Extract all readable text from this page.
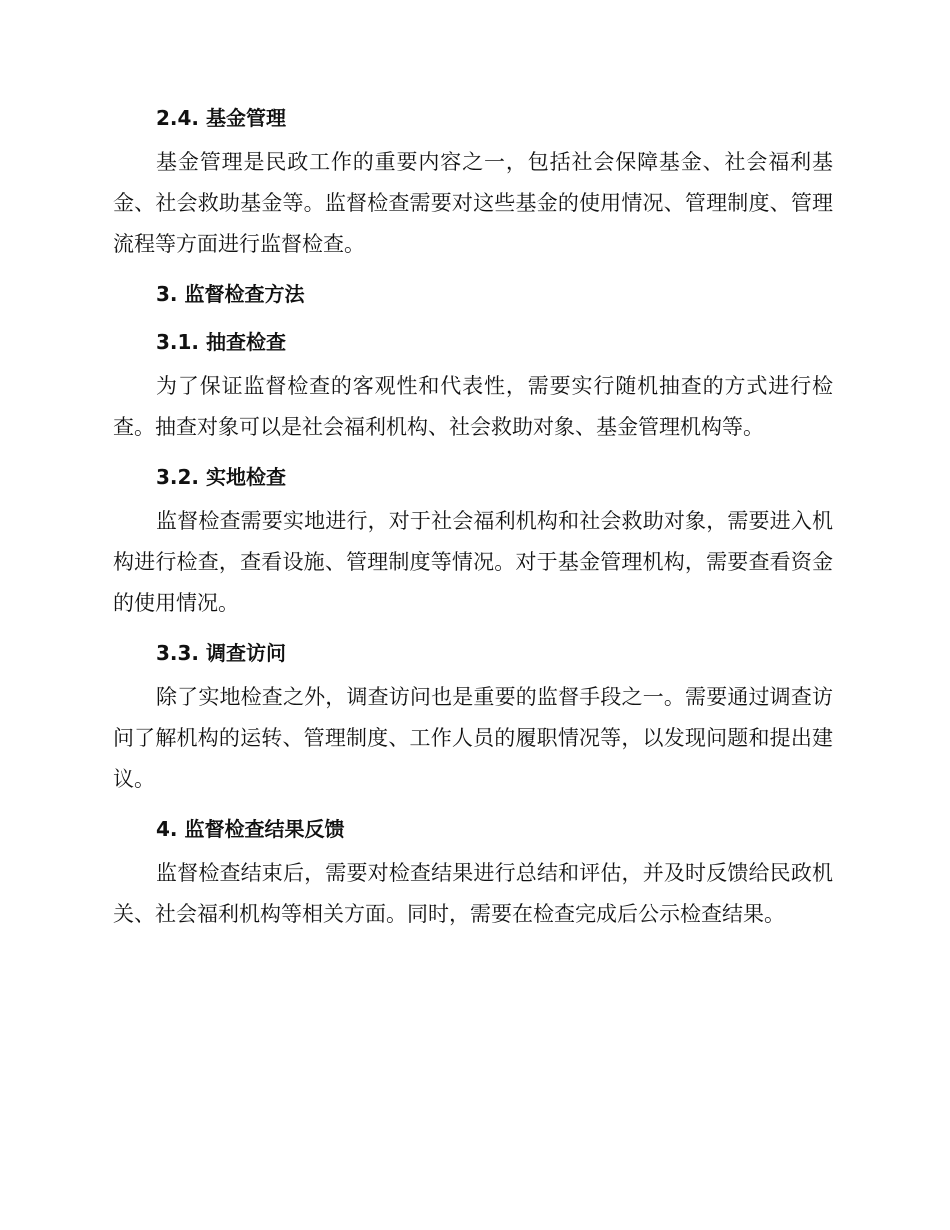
2.4. 基金管理

基金管理是民政工作的重要内容之一，包括社会保障基金、社会福利基金、社会救助基金等。监督检查需要对这些基金的使用情况、管理制度、管理流程等方面进行监督检查。

3. 监督检查方法
3.1. 抽查检查

为了保证监督检查的客观性和代表性，需要实行随机抽查的方式进行检查。抽查对象可以是社会福利机构、社会救助对象、基金管理机构等。

3.2. 实地检查

监督检查需要实地进行，对于社会福利机构和社会救助对象，需要进入机构进行检查，查看设施、管理制度等情况。对于基金管理机构，需要查看资金的使用情况。

3.3. 调查访问

除了实地检查之外，调查访问也是重要的监督手段之一。需要通过调查访问了解机构的运转、管理制度、工作人员的履职情况等，以发现问题和提出建议。

4. 监督检查结果反馈

监督检查结束后，需要对检查结果进行总结和评估，并及时反馈给民政机关、社会福利机构等相关方面。同时，需要在检查完成后公示检查结果。
